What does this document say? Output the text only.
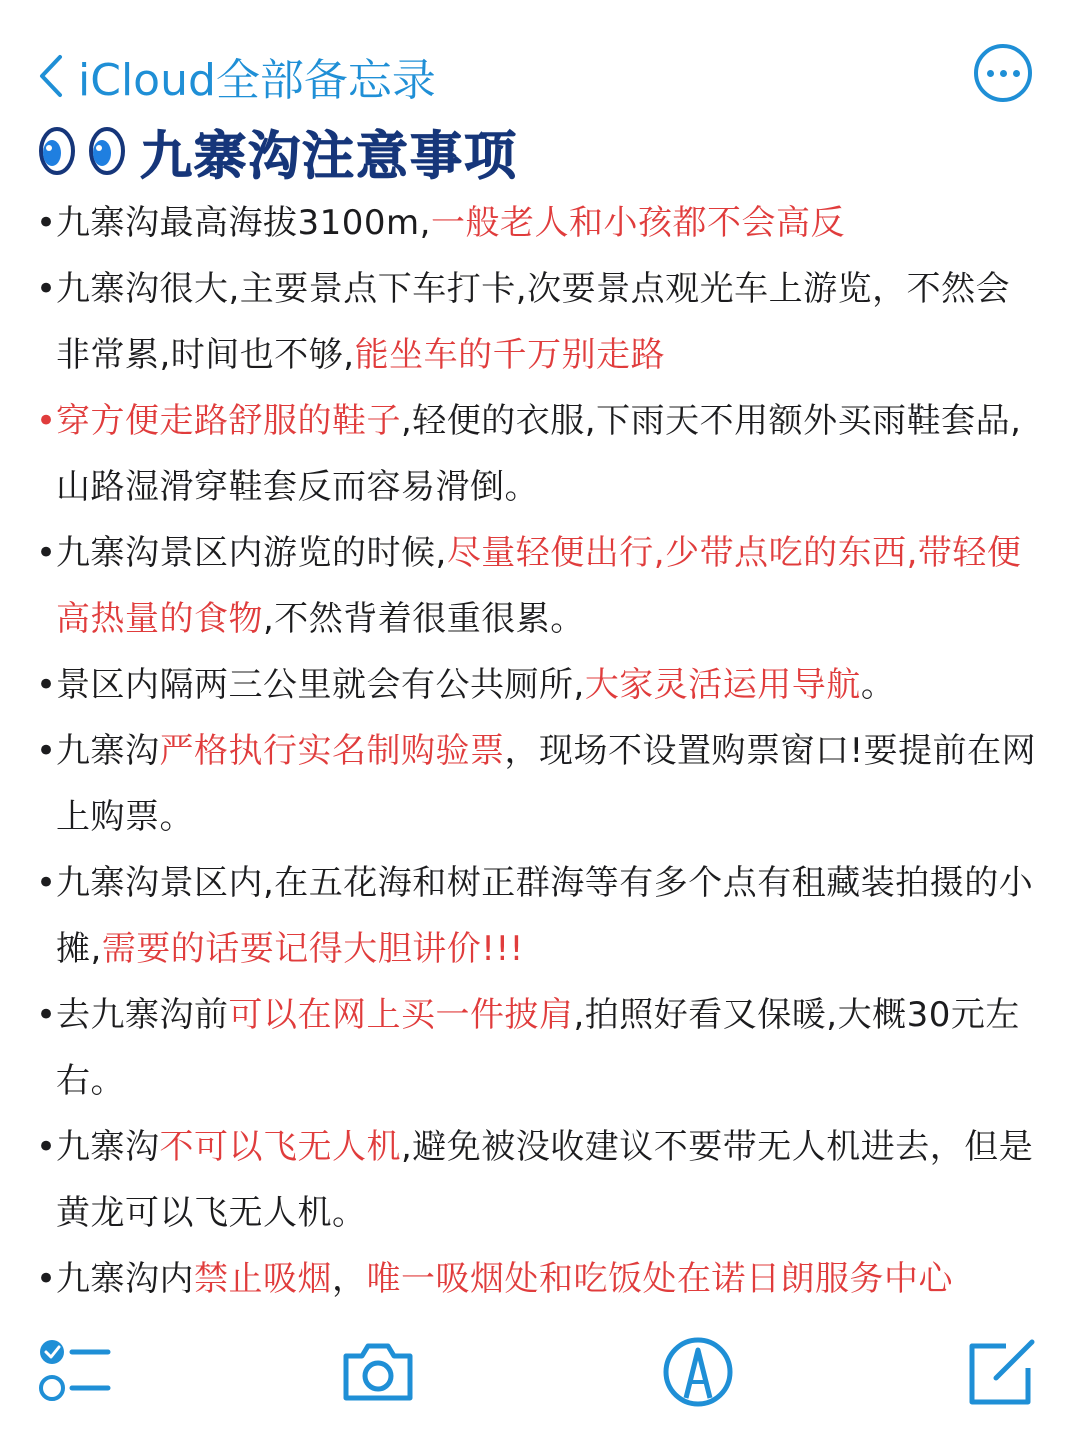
iCloud全部备忘录
九寨沟注意事项
• 九寨沟最高海拔3100m,一般老人和小孩都不会高反
• 九寨沟很大,主要景点下车打卡,次要景点观光车上游览，不然会非常累,时间也不够,能坐车的千万别走路
• 穿方便走路舒服的鞋子,轻便的衣服,下雨天不用额外买雨鞋套品,山路湿滑穿鞋套反而容易滑倒。
• 九寨沟景区内游览的时候,尽量轻便出行,少带点吃的东西,带轻便高热量的食物,不然背着很重很累。
• 景区内隔两三公里就会有公共厕所,大家灵活运用导航。
• 九寨沟严格执行实名制购验票，现场不设置购票窗口!要提前在网上购票。
• 九寨沟景区内,在五花海和树正群海等有多个点有租藏装拍摄的小摊,需要的话要记得大胆讲价!!!
• 去九寨沟前可以在网上买一件披肩,拍照好看又保暖,大概30元左右。
• 九寨沟不可以飞无人机,避免被没收建议不要带无人机进去，但是黄龙可以飞无人机。
• 九寨沟内禁止吸烟，唯一吸烟处和吃饭处在诺日朗服务中心
